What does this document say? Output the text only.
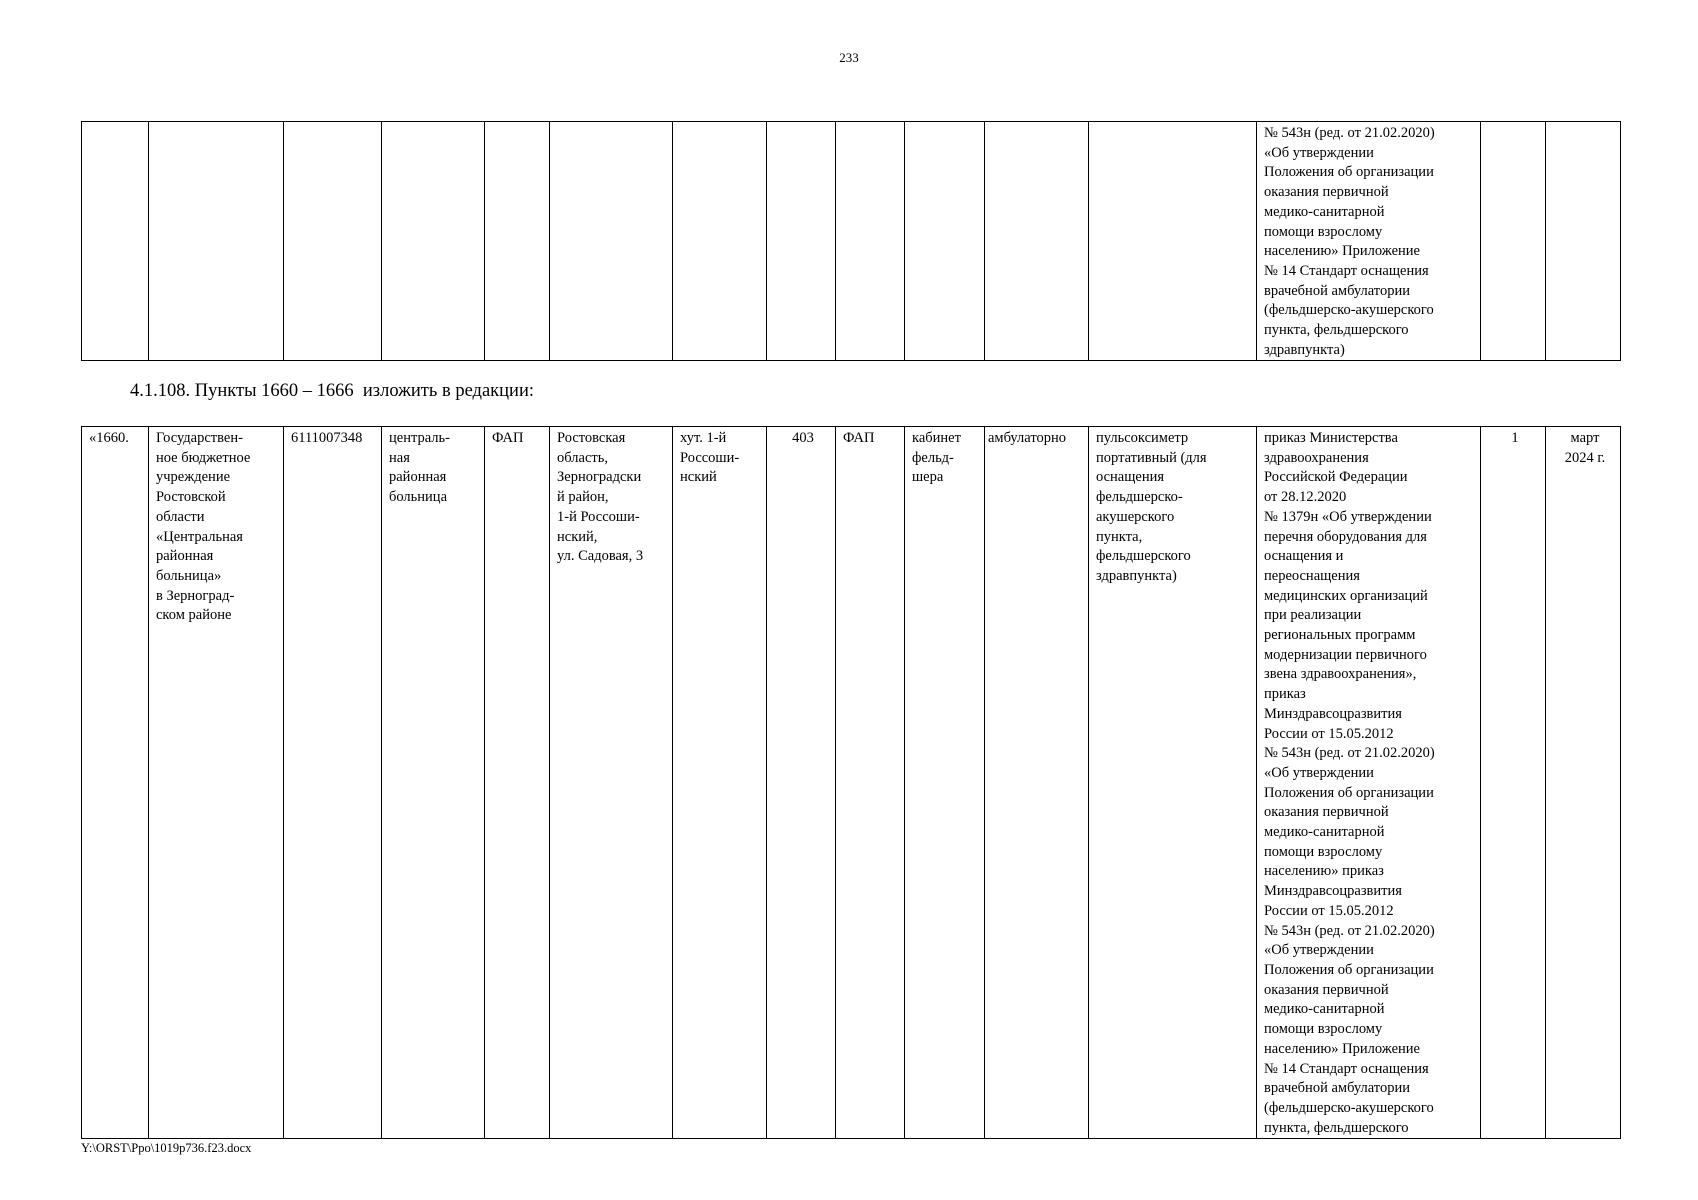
233
												№ 543н (ред. от 21.02.2020)
«Об утверждении
Положения об организации
оказания первичной
медико-санитарной
помощи взрослому
населению» Приложение
№ 14 Стандарт оснащения
врачебной амбулатории
(фельдшерско-акушерского
пункта, фельдшерского
здравпункта)		
4.1.108. Пункты 1660 – 1666  изложить в редакции:
«1660.	Государствен-
ное бюджетное
учреждение
Ростовской
области
«Центральная
районная
больница»
в Зерноград-
ском районе	6111007348	централь-
ная
районная
больница	ФАП	Ростовская
область,
Зерноградски
й район,
1-й Россоши-
нский,
ул. Садовая, 3	хут. 1-й
Россоши-
нский	403	ФАП	кабинет
фельд-
шера	амбулаторно	пульсоксиметр
портативный (для
оснащения
фельдшерско-
акушерского
пункта,
фельдшерского
здравпункта)	приказ Министерства
здравоохранения
Российской Федерации
от 28.12.2020
№ 1379н «Об утверждении
перечня оборудования для
оснащения и
переоснащения
медицинских организаций
при реализации
региональных программ
модернизации первичного
звена здравоохранения»,
приказ
Минздравсоцразвития
России от 15.05.2012
№ 543н (ред. от 21.02.2020)
«Об утверждении
Положения об организации
оказания первичной
медико-санитарной
помощи взрослому
населению» приказ
Минздравсоцразвития
России от 15.05.2012
№ 543н (ред. от 21.02.2020)
«Об утверждении
Положения об организации
оказания первичной
медико-санитарной
помощи взрослому
населению» Приложение
№ 14 Стандарт оснащения
врачебной амбулатории
(фельдшерско-акушерского
пункта, фельдшерского	1	март
2024 г.
Y:\ORST\Ppo\1019p736.f23.docx
